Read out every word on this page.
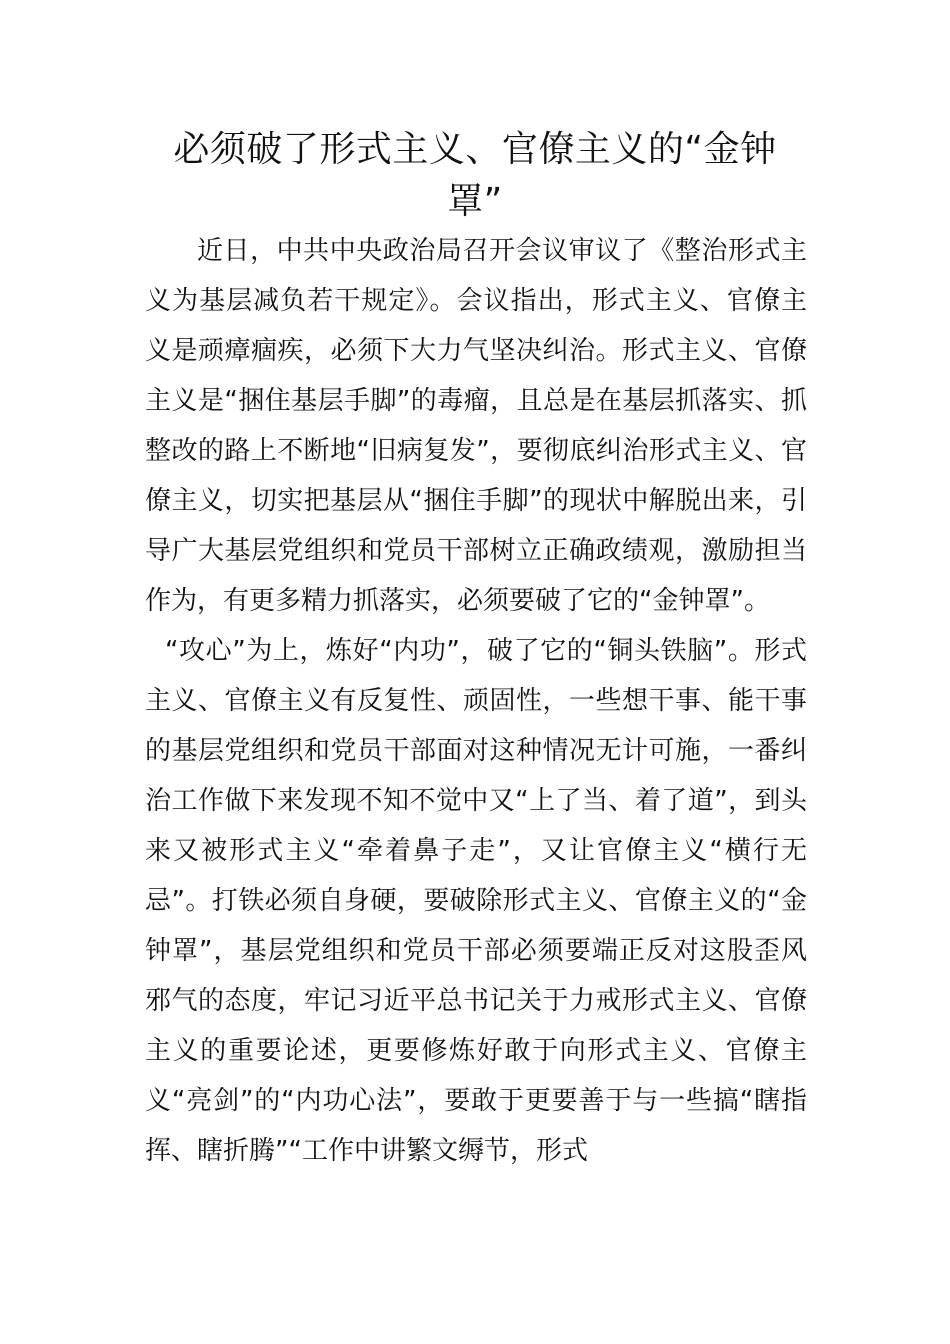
必须破了形式主义、官僚主义的“金钟罩”

近日，中共中央政治局召开会议审议了《整治形式主义为基层减负若干规定》。会议指出，形式主义、官僚主义是顽瘴痼疾，必须下大力气坚决纠治。形式主义、官僚主义是“捆住基层手脚”的毒瘤，且总是在基层抓落实、抓整改的路上不断地“旧病复发”，要彻底纠治形式主义、官僚主义，切实把基层从“捆住手脚”的现状中解脱出来，引导广大基层党组织和党员干部树立正确政绩观，激励担当作为，有更多精力抓落实，必须要破了它的“金钟罩”。

“攻心”为上，炼好“内功”，破了它的“铜头铁脑”。形式主义、官僚主义有反复性、顽固性，一些想干事、能干事的基层党组织和党员干部面对这种情况无计可施，一番纠治工作做下来发现不知不觉中又“上了当、着了道”，到头来又被形式主义“牵着鼻子走”，又让官僚主义“横行无忌”。打铁必须自身硬，要破除形式主义、官僚主义的“金钟罩”，基层党组织和党员干部必须要端正反对这股歪风邪气的态度，牢记习近平总书记关于力戒形式主义、官僚主义的重要论述，更要修炼好敢于向形式主义、官僚主义“亮剑”的“内功心法”，要敢于更要善于与一些搞“瞎指挥、瞎折腾”“工作中讲繁文缛节，形式
